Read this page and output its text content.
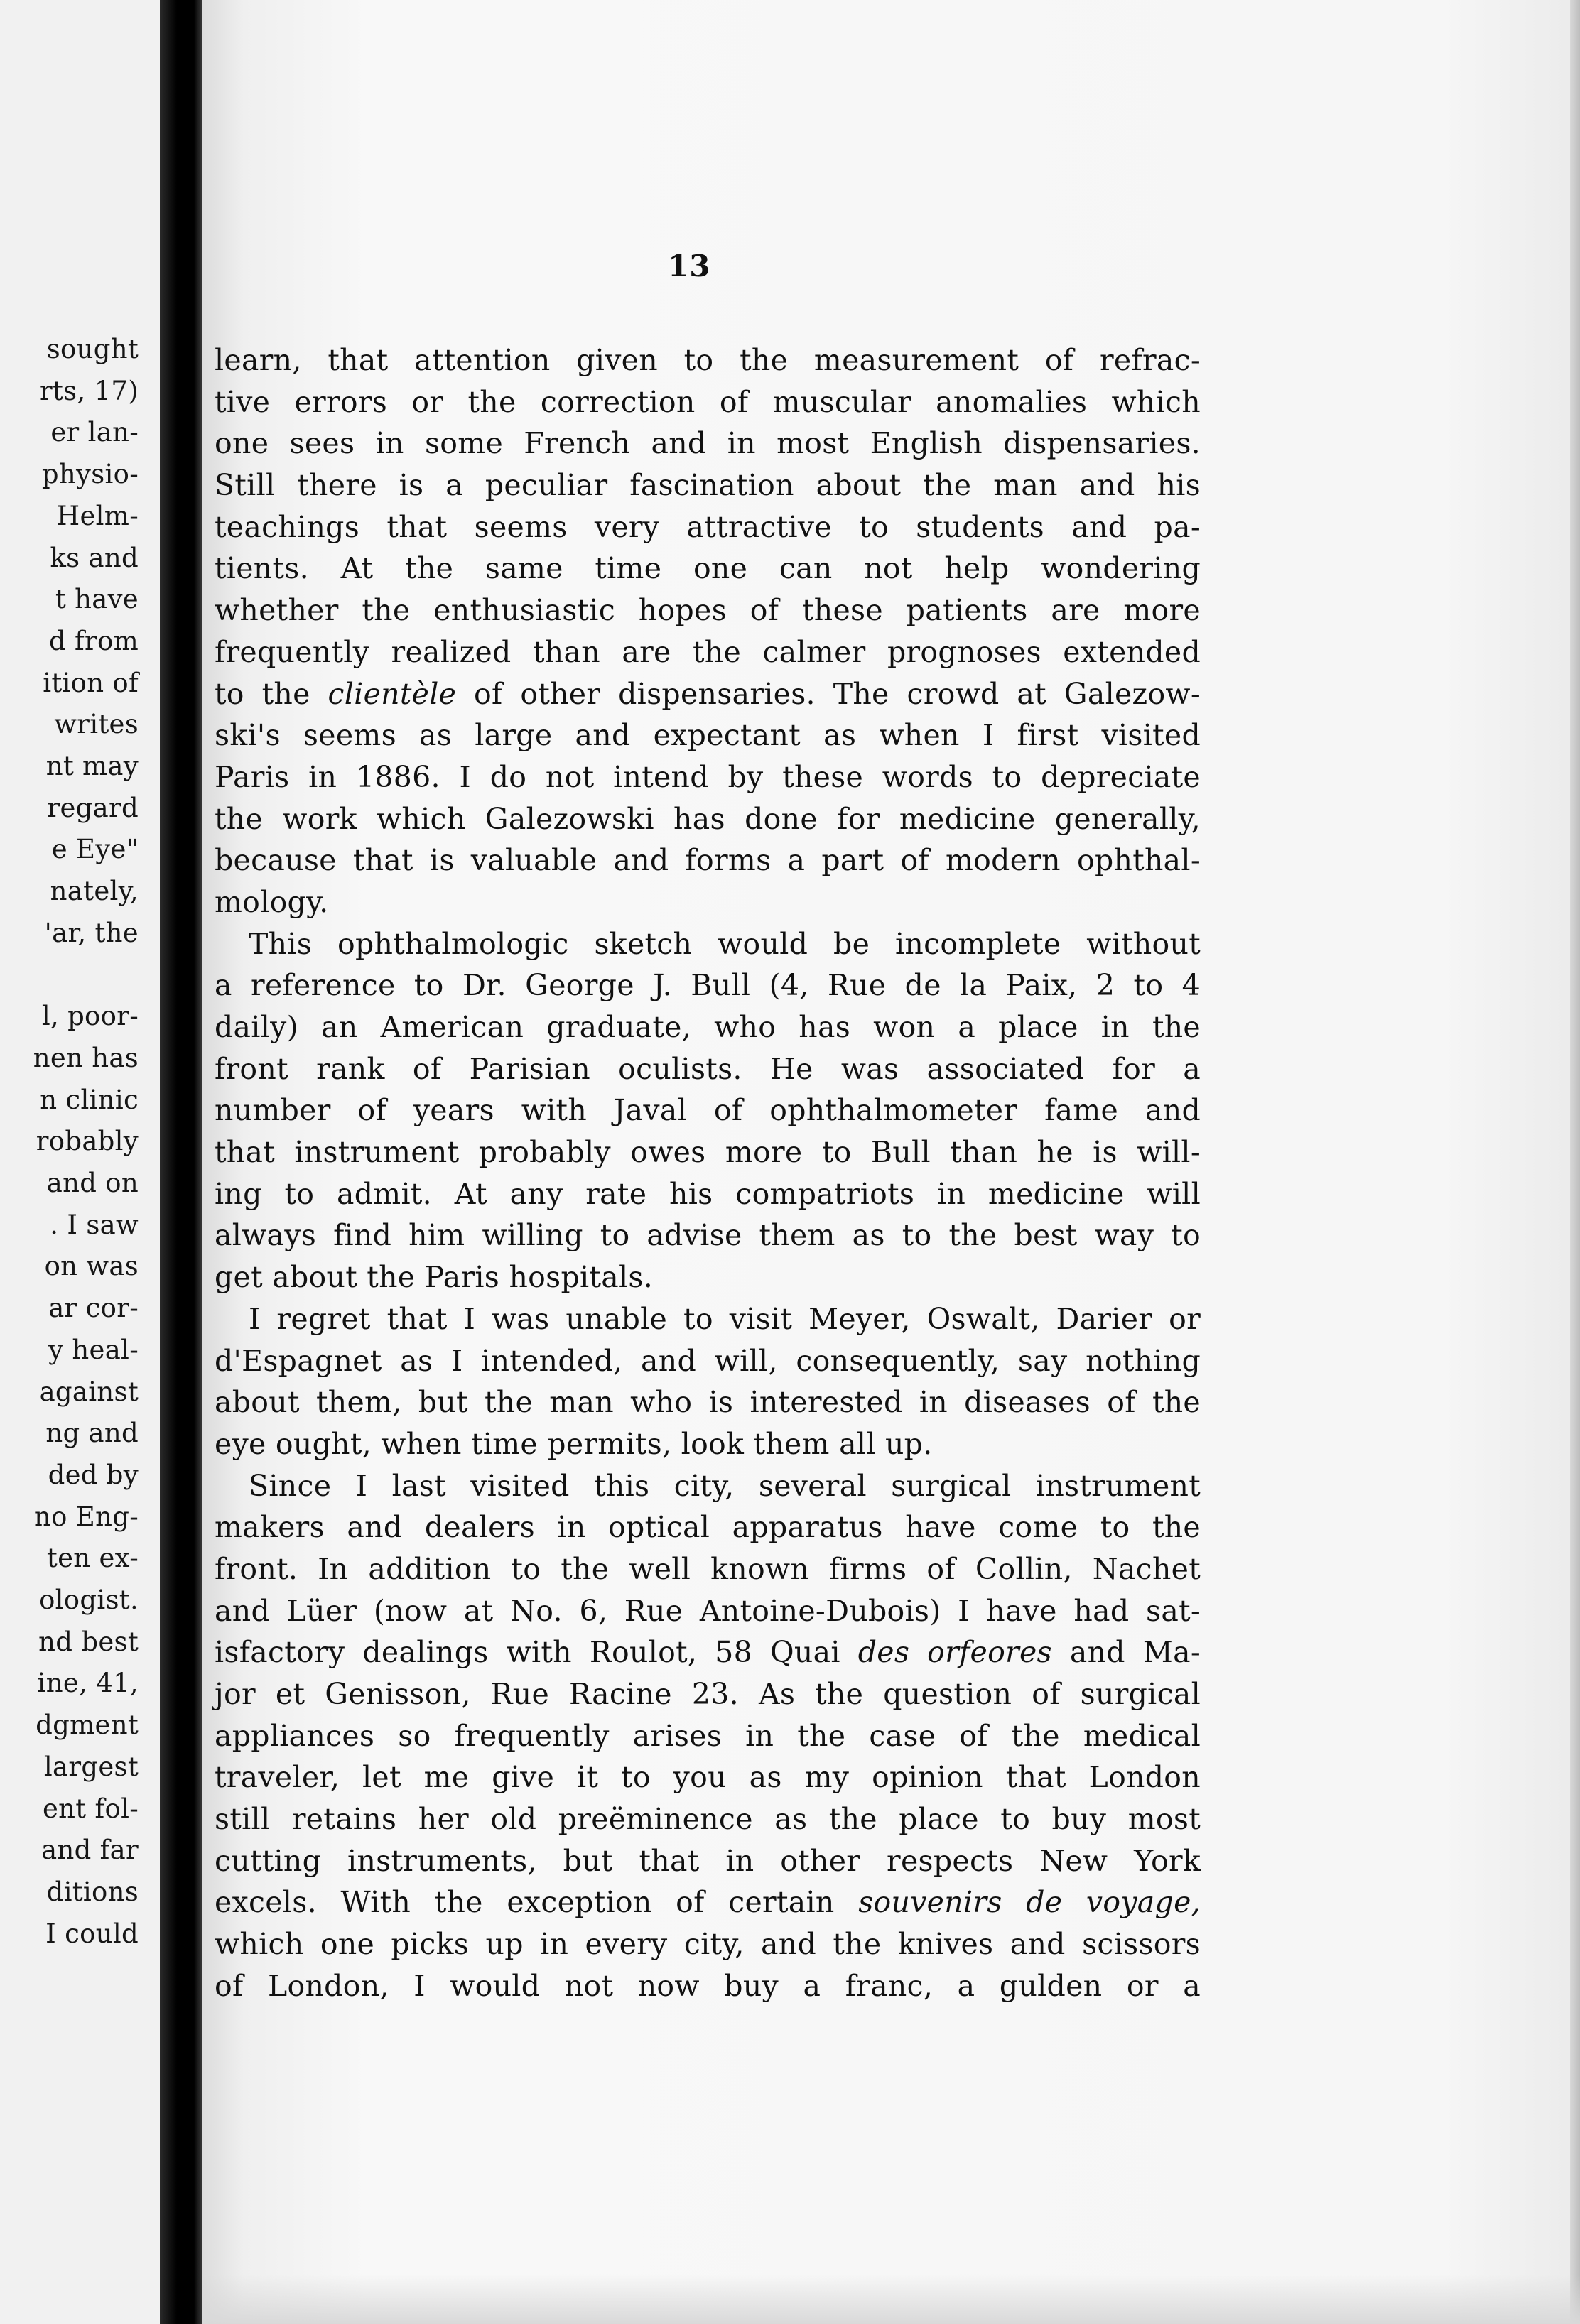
sought
rts, 17)
er lan-
physio-
Helm-
ks and
t have
d from
ition of
writes
nt may
regard
e Eye"
nately,
'ar, the
l, poor-
nen has
n clinic
robably
and on
. I saw
on was
ar cor-
y heal-
against
ng and
ded by
no Eng-
ten ex-
ologist.
nd best
ine, 41,
dgment
largest
ent fol-
and far
ditions
I could
13
learn, that attention given to the measurement of refrac-
tive errors or the correction of muscular anomalies which
one sees in some French and in most English dispensaries.
Still there is a peculiar fascination about the man and his
teachings that seems very attractive to students and pa-
tients. At the same time one can not help wondering
whether the enthusiastic hopes of these patients are more
frequently realized than are the calmer prognoses extended
to the clientèle of other dispensaries. The crowd at Galezow-
ski's seems as large and expectant as when I first visited
Paris in 1886. I do not intend by these words to depreciate
the work which Galezowski has done for medicine generally,
because that is valuable and forms a part of modern ophthal-
mology.
This ophthalmologic sketch would be incomplete without
a reference to Dr. George J. Bull (4, Rue de la Paix, 2 to 4
daily) an American graduate, who has won a place in the
front rank of Parisian oculists. He was associated for a
number of years with Javal of ophthalmometer fame and
that instrument probably owes more to Bull than he is will-
ing to admit. At any rate his compatriots in medicine will
always find him willing to advise them as to the best way to
get about the Paris hospitals.
I regret that I was unable to visit Meyer, Oswalt, Darier or
d'Espagnet as I intended, and will, consequently, say nothing
about them, but the man who is interested in diseases of the
eye ought, when time permits, look them all up.
Since I last visited this city, several surgical instrument
makers and dealers in optical apparatus have come to the
front. In addition to the well known firms of Collin, Nachet
and Lüer (now at No. 6, Rue Antoine-Dubois) I have had sat-
isfactory dealings with Roulot, 58 Quai des orfeores and Ma-
jor et Genisson, Rue Racine 23. As the question of surgical
appliances so frequently arises in the case of the medical
traveler, let me give it to you as my opinion that London
still retains her old preëminence as the place to buy most
cutting instruments, but that in other respects New York
excels. With the exception of certain souvenirs de voyage,
which one picks up in every city, and the knives and scissors
of London, I would not now buy a franc, a gulden or a
